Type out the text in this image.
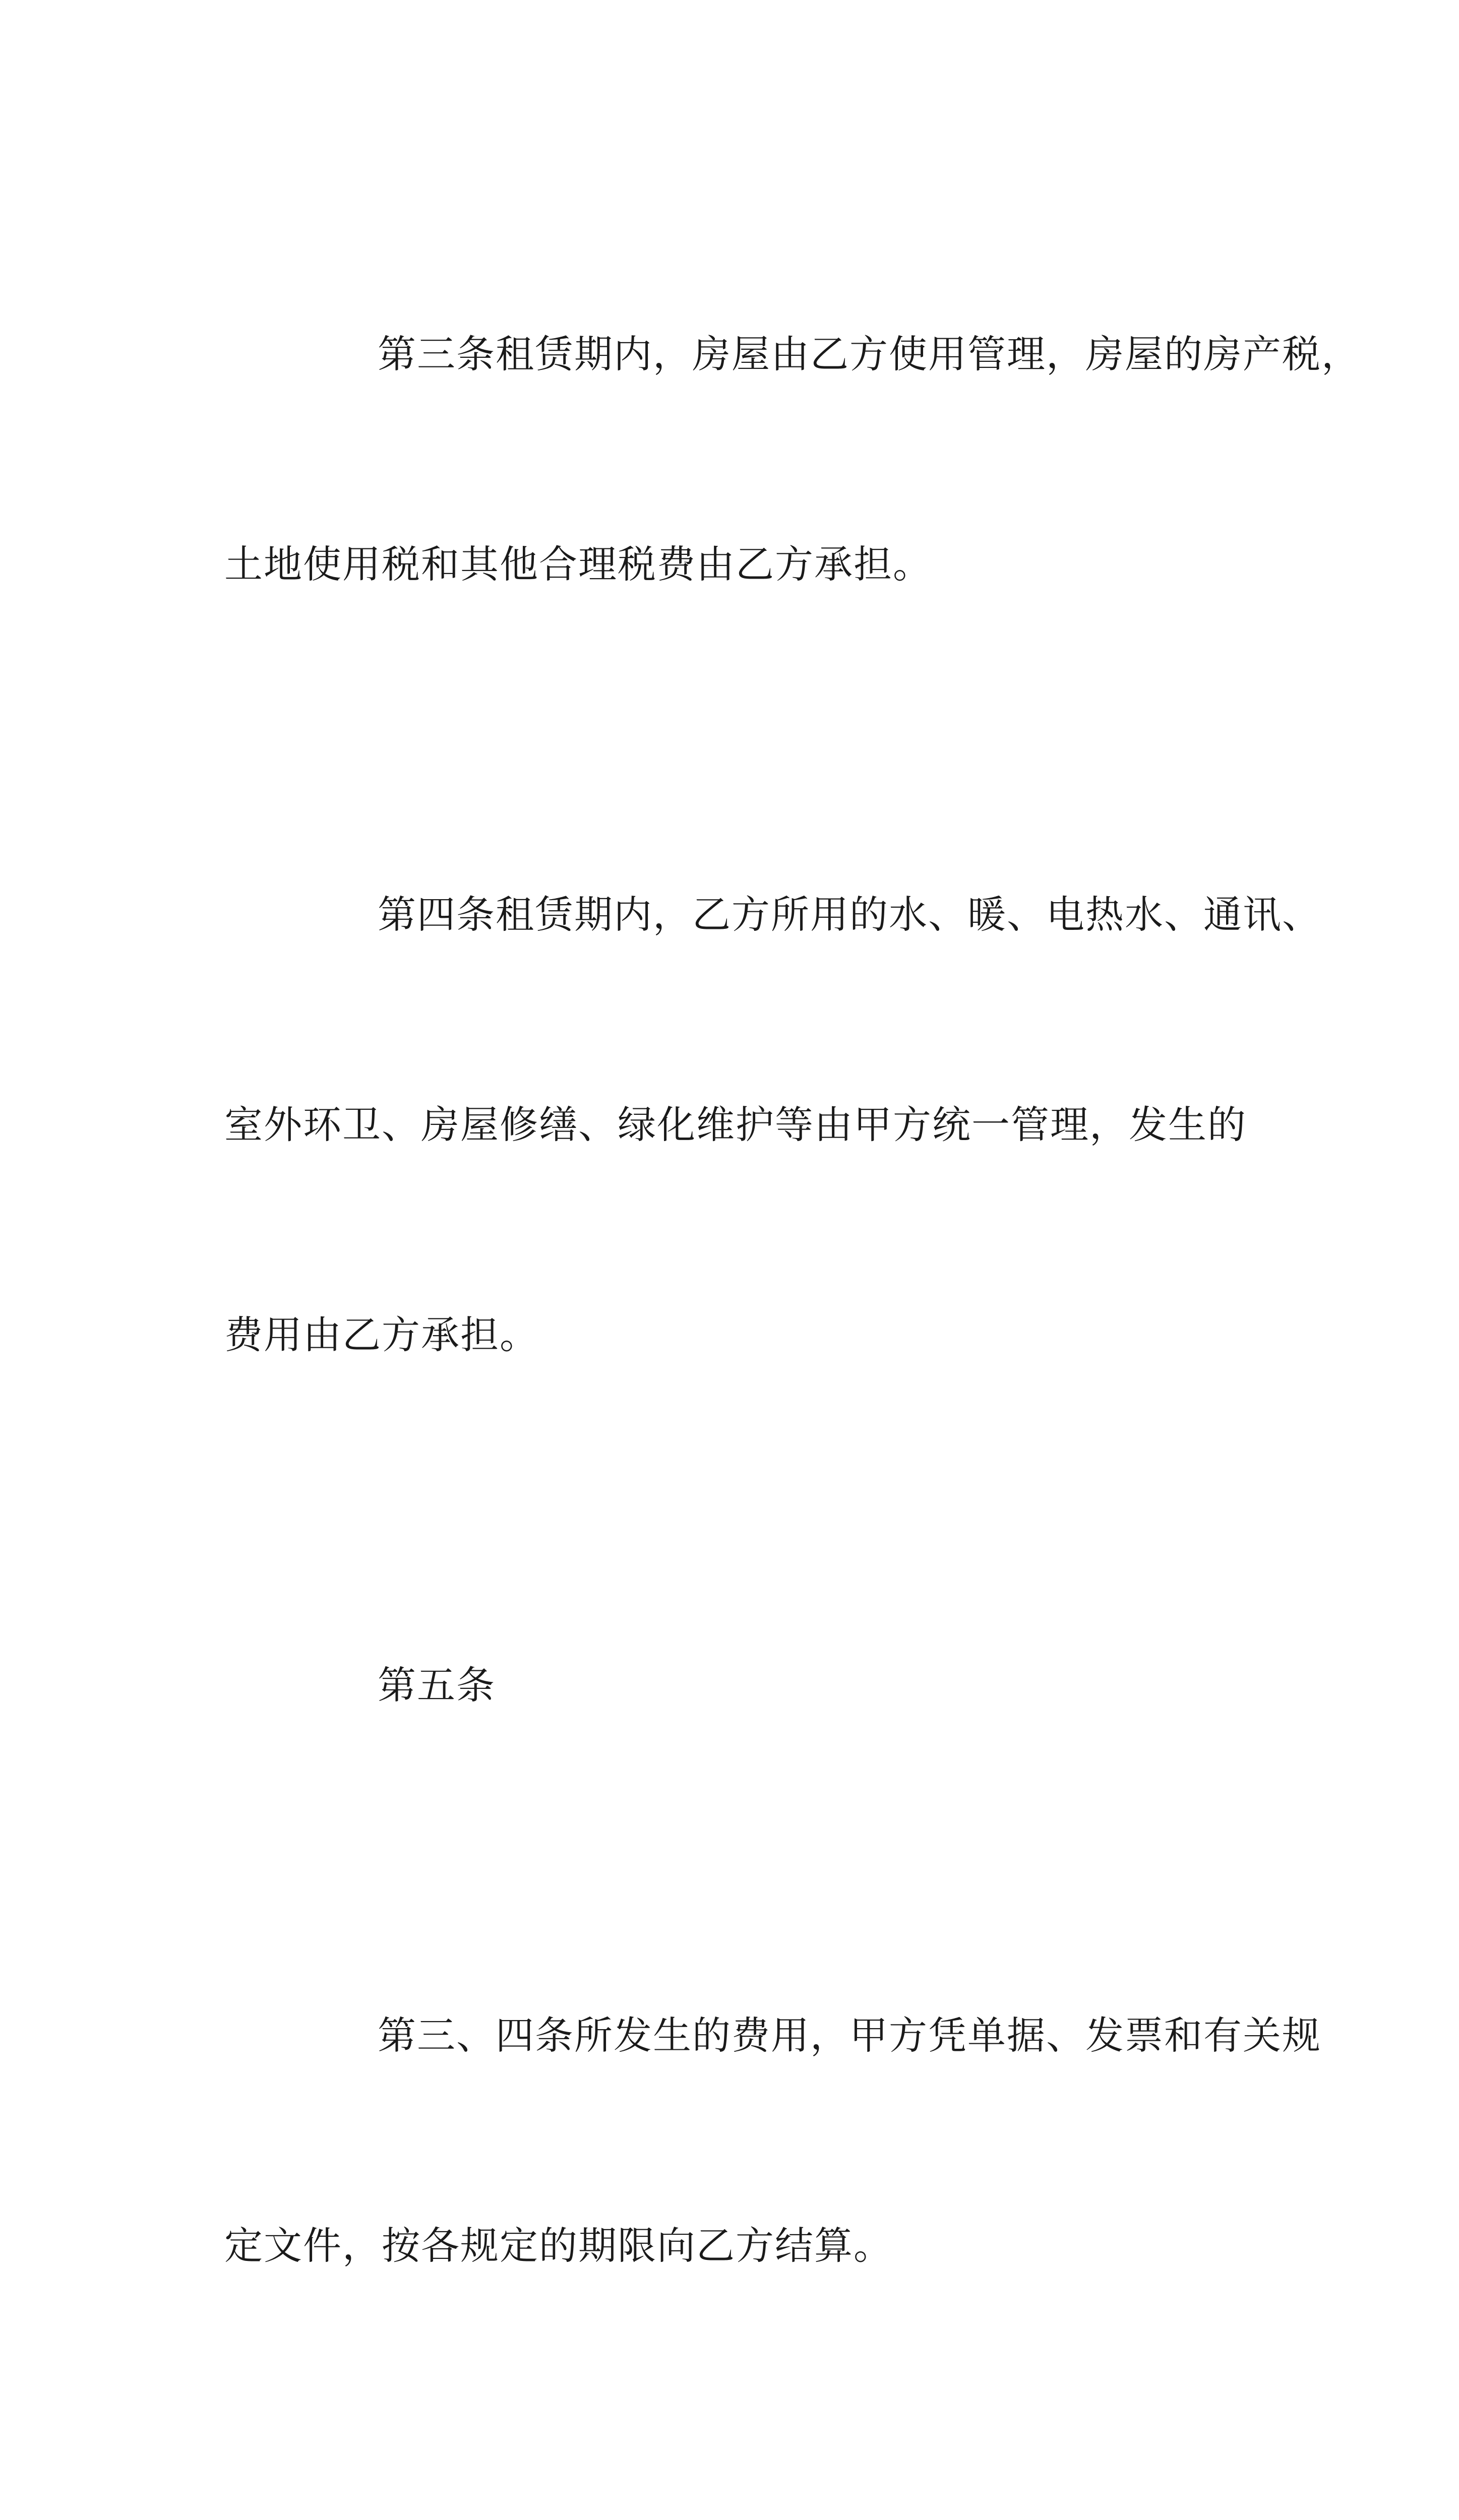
第三条租赁期内，房屋由乙方使用管理，房屋的房产税，

土地使用税和其他合理税费由乙方承担。

第四条租赁期内，乙方所用的水、暖、电热水、通讯、

室外环卫、房屋修缮、绿化维护等由甲方统一管理，发生的

费用由乙方承担。

第五条

第三、四条所发生的费用，甲方凭单据、发票和有关规

定文件，按各规定的期限向乙方结算。
